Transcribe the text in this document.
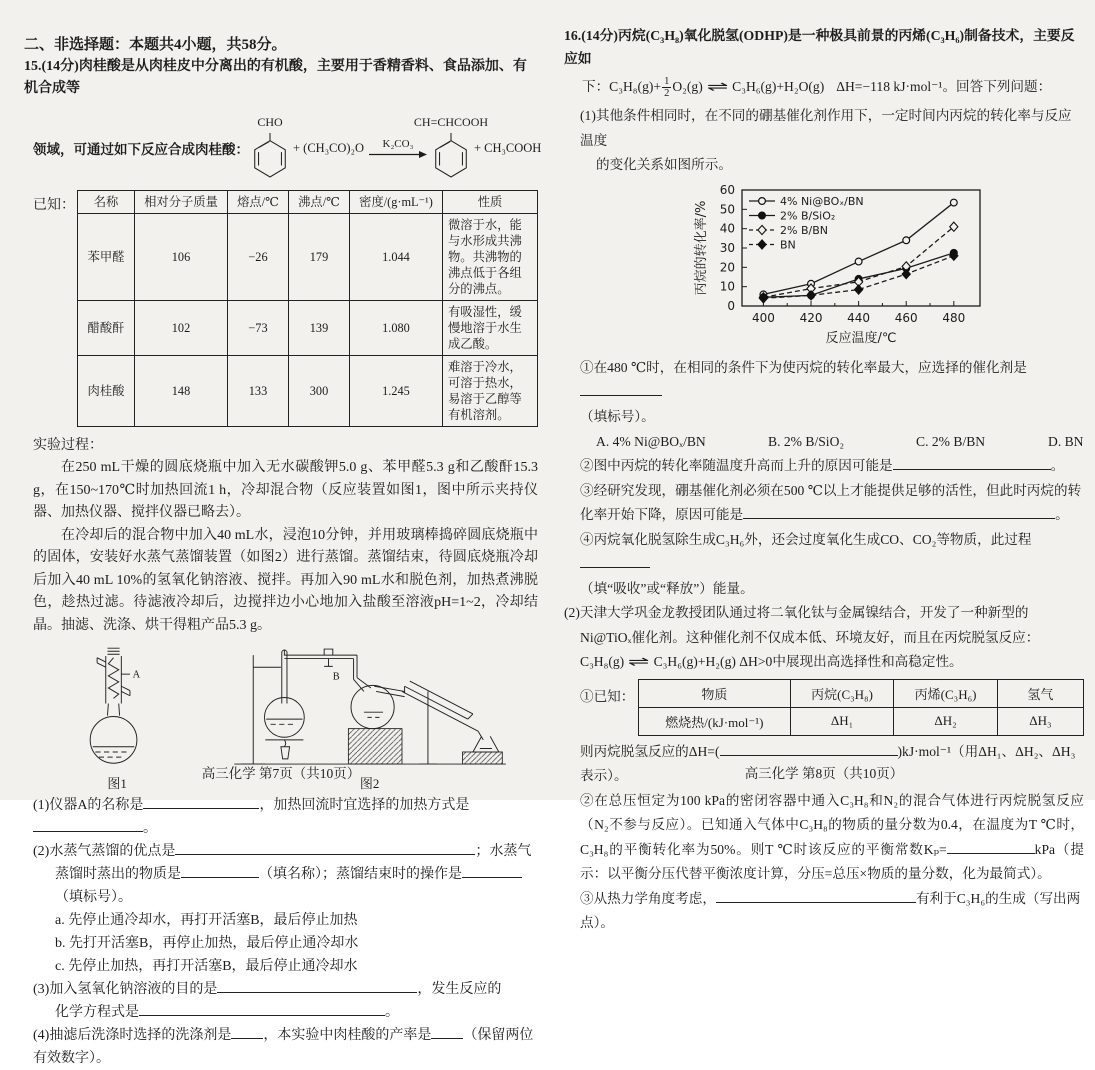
二、非选择题：本题共4小题，共58分。

15.(14分)肉桂酸是从肉桂皮中分离出的有机酸，主要用于香精香料、食品添加、有机合成等

领域，可通过如下反应合成肉桂酸：
CHO
+ (CH₃CO)₂O K₂CO₃
CH=CHCOOH
+ CH₃COOH
已知： 名称	相对分子质量	熔点/℃	沸点/℃	密度/(g·mL⁻¹)	性质
苯甲醛	106	−26	179	1.044	微溶于水，能与水形成共沸物。共沸物的沸点低于各组分的沸点。
醋酸酐	102	−73	139	1.080	有吸湿性，缓慢地溶于水生成乙酸。
肉桂酸	148	133	300	1.245	难溶于冷水，可溶于热水，易溶于乙醇等有机溶剂。

实验过程：

在250 mL干燥的圆底烧瓶中加入无水碳酸钾5.0 g、苯甲醛5.3 g和乙酸酐15.3 g，在150~170℃时加热回流1 h，冷却混合物（反应装置如图1，图中所示夹持仪器、加热仪器、搅拌仪器已略去）。

在冷却后的混合物中加入40 mL水，浸泡10分钟，并用玻璃棒捣碎圆底烧瓶中的固体，安装好水蒸气蒸馏装置（如图2）进行蒸馏。蒸馏结束，待圆底烧瓶冷却后加入40 mL 10%的氢氧化钠溶液、搅拌。再加入90 mL水和脱色剂，加热煮沸脱色，趁热过滤。待滤液冷却后，边搅拌边小心地加入盐酸至溶液pH=1~2，冷却结晶。抽滤、洗涤、烘干得粗产品5.3 g。

A
图1
B
图2

(1)仪器A的名称是	，加热回流时宜选择的加热方式是。

(2)水蒸气蒸馏的优点是	；水蒸气

蒸馏时蒸出的物质是	（填名称）；蒸馏结束时的操作是（填标号）。

a. 先停止通冷却水，再打开活塞B，最后停止加热
b. 先打开活塞B，再停止加热，最后停止通冷却水
c. 先停止加热，再打开活塞B，最后停止通冷却水

(3)加入氢氧化钠溶液的目的是	，发生反应的

化学方程式是	。

(4)抽滤后洗涤时选择的洗涤剂是 ，本实验中肉桂酸的产率是 （保留两位有效数字）。

高三化学 第7页（共10页）

16.(14分)丙烷(C₃H₈)氧化脱氢(ODHP)是一种极具前景的丙烯(C₃H₆)制备技术，主要反应如

下：$C_3H_8(g)+ \frac{1}{2} O_2(g)$ ⇌ C₃H₆(g)+H₂O(g) ΔH=−118 kJ·mol⁻¹。回答下列问题：

(1)其他条件相同时，在不同的硼基催化剂作用下，一定时间内丙烷的转化率与反应温度

的变化关系如图所示。

0
10
20
30
40
50
60
400 420 440 460 480
4% Ni@BOₓ/BN
2% B/SiO₂
2% B/BN
BN
反应温度/℃
丙烷的转化率/%

①在480 ℃时，在相同的条件下为使丙烷的转化率最大，应选择的催化剂是

（填标号）。

A. 4% Ni@BOₓ/BN	B. 2% B/SiO₂	C. 2% B/BN	D. BN

②图中丙烷的转化率随温度升高而上升的原因可能是	。

③经研究发现，硼基催化剂必须在500 ℃以上才能提供足够的活性，但此时丙烷的转

化率开始下降，原因可能是	。

④丙烷氧化脱氢除生成C₃H₆外，还会过度氧化生成CO、CO₂等物质，此过程

（填“吸收”或“释放”）能量。

(2)天津大学巩金龙教授团队通过将二氧化钛与金属镍结合，开发了一种新型的

Ni@TiOₓ催化剂。这种催化剂不仅成本低、环境友好，而且在丙烷脱氢反应：

C₃H₈(g) ⇌ C₃H₆(g)+H₂(g) ΔH>0中展现出高选择性和高稳定性。

①已知：	物质	丙烷(C₃H₈)	丙烯(C₃H₆)	氢气
燃烧热/(kJ·mol⁻¹)	ΔH₁	ΔH₂	ΔH₃

则丙烷脱氢反应的ΔH=(	)kJ·mol⁻¹（用ΔH₁、ΔH₂、ΔH₃表示）。

②在总压恒定为100 kPa的密闭容器中通入C₃H₈和N₂的混合气体进行丙烷脱氢反应（N₂不参与反应）。已知通入气体中C₃H₈的物质的量分数为0.4，在温度为T ℃时，C₃H₈的平衡转化率为50%。则T ℃时该反应的平衡常数Kₚ=	kPa（提示：以平衡分压代替平衡浓度计算，分压=总压×物质的量分数，化为最简式）。

③从热力学角度考虑，	有利于C₃H₆的生成（写出两点）。

高三化学 第8页（共10页）
